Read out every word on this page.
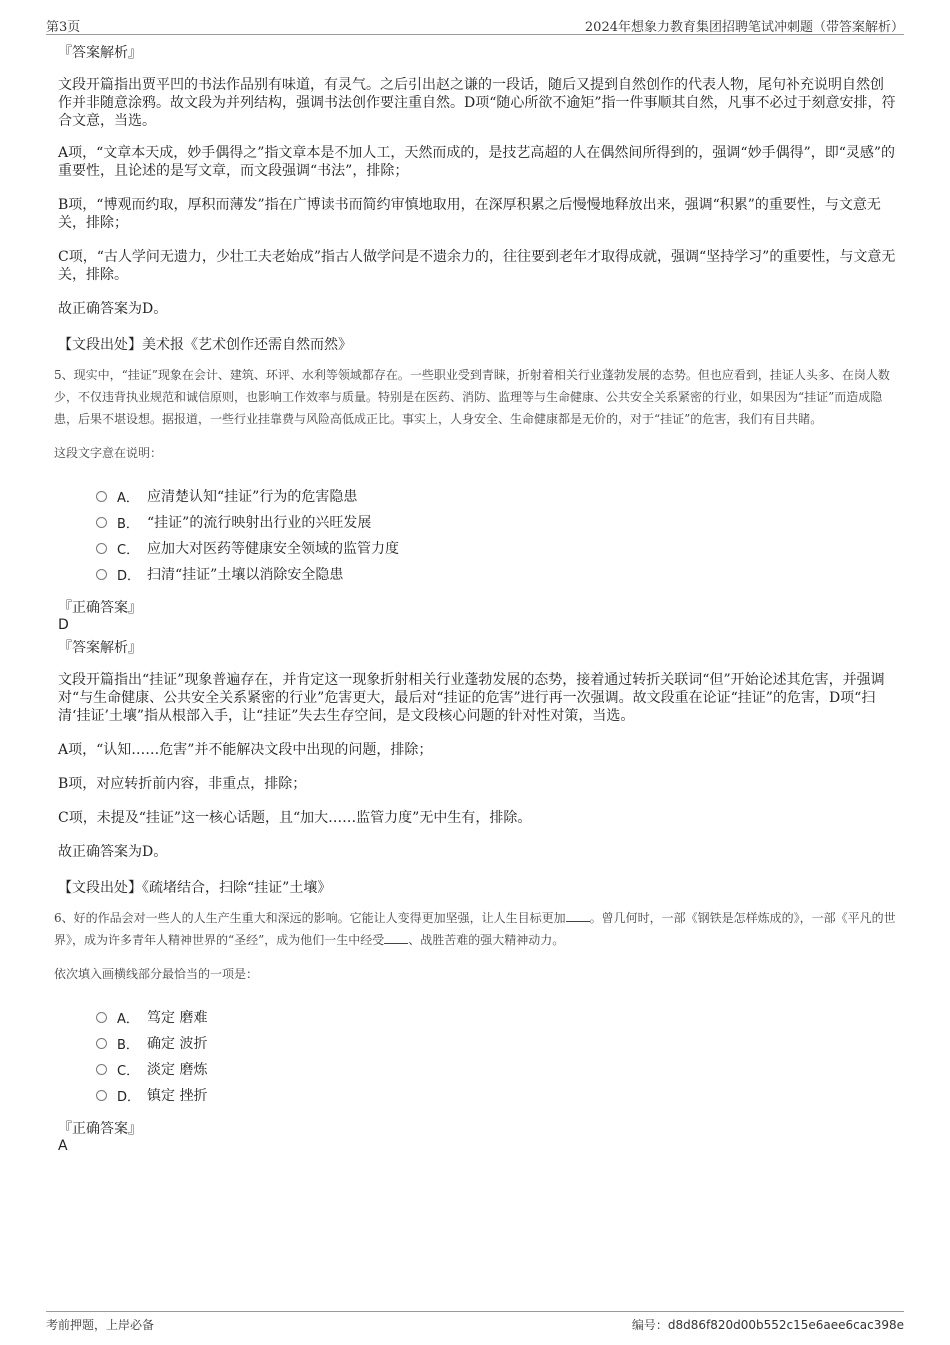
第3页	2024年想象力教育集团招聘笔试冲刺题（带答案解析）
『答案解析』

文段开篇指出贾平凹的书法作品别有味道，有灵气。之后引出赵之谦的一段话，随后又提到自然创作的代表人物，尾句补充说明自然创作并非随意涂鸦。故文段为并列结构，强调书法创作要注重自然。D项“随心所欲不逾矩”指一件事顺其自然，凡事不必过于刻意安排，符合文意，当选。

A项，“文章本天成，妙手偶得之”指文章本是不加人工，天然而成的，是技艺高超的人在偶然间所得到的，强调“妙手偶得”，即“灵感”的重要性，且论述的是写文章，而文段强调“书法”，排除；

B项，“博观而约取，厚积而薄发”指在广博读书而简约审慎地取用，在深厚积累之后慢慢地释放出来，强调“积累”的重要性，与文意无关，排除；

C项，“古人学问无遗力，少壮工夫老始成”指古人做学问是不遗余力的，往往要到老年才取得成就，强调“坚持学习”的重要性，与文意无关，排除。

故正确答案为D。

【文段出处】美术报《艺术创作还需自然而然》

5、现实中，“挂证”现象在会计、建筑、环评、水利等领域都存在。一些职业受到青睐，折射着相关行业蓬勃发展的态势。但也应看到，挂证人头多、在岗人数少，不仅违背执业规范和诚信原则，也影响工作效率与质量。特别是在医药、消防、监理等与生命健康、公共安全关系紧密的行业，如果因为“挂证”而造成隐患，后果不堪设想。据报道，一些行业挂靠费与风险高低成正比。事实上，人身安全、生命健康都是无价的，对于“挂证”的危害，我们有目共睹。

这段文字意在说明：

A． 应清楚认知“挂证”行为的危害隐患
B． “挂证”的流行映射出行业的兴旺发展
C． 应加大对医药等健康安全领域的监管力度
D． 扫清“挂证”土壤以消除安全隐患
『正确答案』
D
『答案解析』

文段开篇指出“挂证”现象普遍存在，并肯定这一现象折射相关行业蓬勃发展的态势，接着通过转折关联词“但”开始论述其危害，并强调对“与生命健康、公共安全关系紧密的行业”危害更大，最后对“挂证的危害”进行再一次强调。故文段重在论证“挂证”的危害，D项“扫清‘挂证’土壤”指从根部入手，让“挂证”失去生存空间，是文段核心问题的针对性对策，当选。

A项，“认知……危害”并不能解决文段中出现的问题，排除；

B项，对应转折前内容，非重点，排除；

C项，未提及“挂证”这一核心话题，且“加大……监管力度”无中生有，排除。

故正确答案为D。

【文段出处】《疏堵结合，扫除“挂证”土壤》

6、好的作品会对一些人的人生产生重大和深远的影响。它能让人变得更加坚强，让人生目标更加 。曾几何时，一部《钢铁是怎样炼成的》，一部《平凡的世界》，成为许多青年人精神世界的“圣经”，成为他们一生中经受 、战胜苦难的强大精神动力。

依次填入画横线部分最恰当的一项是：

A． 笃定 磨难
B． 确定 波折
C． 淡定 磨炼
D． 镇定 挫折
『正确答案』
A
考前押题，上岸必备	编号：d8d86f820d00b552c15e6aee6cac398e
